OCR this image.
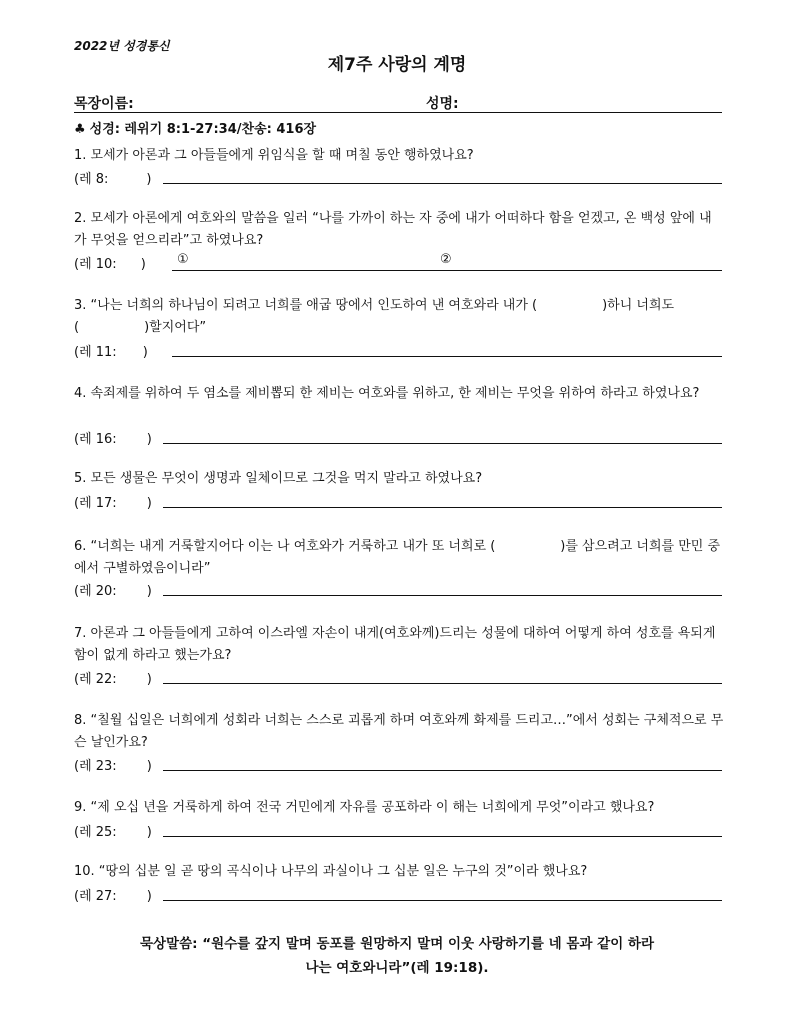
2022년 성경통신
제7주 사랑의 계명
목장이름:	성명:
♣ 성경: 레위기 8:1-27:34/찬송: 416장
1. 모세가 아론과 그 아들들에게 위임식을 할 때 며칠 동안 행하였나요?
(레 8:	)
2. 모세가 아론에게 여호와의 말씀을 일러 “나를 가까이 하는 자 중에 내가 어떠하다 함을 얻겠고, 온 백성 앞에 내가 무엇을 얻으리라”고 하였나요?
(레 10: ) ①	②
3. “나는 너희의 하나님이 되려고 너희를 애굽 땅에서 인도하여 낸 여호와라 내가 (　　　　　)하니 너희도 (　　　　　)할지어다”
(레 11: )
4. 속죄제를 위하여 두 염소를 제비뽑되 한 제비는 여호와를 위하고, 한 제비는 무엇을 위하여 하라고 하였나요?
(레 16: )
5. 모든 생물은 무엇이 생명과 일체이므로 그것을 먹지 말라고 하였나요?
(레 17: )
6. “너희는 내게 거룩할지어다 이는 나 여호와가 거룩하고 내가 또 너희로 (　　　　　)를 삼으려고 너희를 만민 중에서 구별하였음이니라”
(레 20: )
7. 아론과 그 아들들에게 고하여 이스라엘 자손이 내게(여호와께)드리는 성물에 대하여 어떻게 하여 성호를 욕되게 함이 없게 하라고 했는가요?
(레 22: )
8. “칠월 십일은 너희에게 성회라 너희는 스스로 괴롭게 하며 여호와께 화제를 드리고…”에서 성회는 구체적으로 무슨 날인가요?
(레 23: )
9. “제 오십 년을 거룩하게 하여 전국 거민에게 자유를 공포하라 이 해는 너희에게 무엇”이라고 했나요?
(레 25: )
10. “땅의 십분 일 곧 땅의 곡식이나 나무의 과실이나 그 십분 일은 누구의 것”이라 했나요?
(레 27: )
묵상말씀: “원수를 갚지 말며 동포를 원망하지 말며 이웃 사랑하기를 네 몸과 같이 하라
나는 여호와니라”(레 19:18).
